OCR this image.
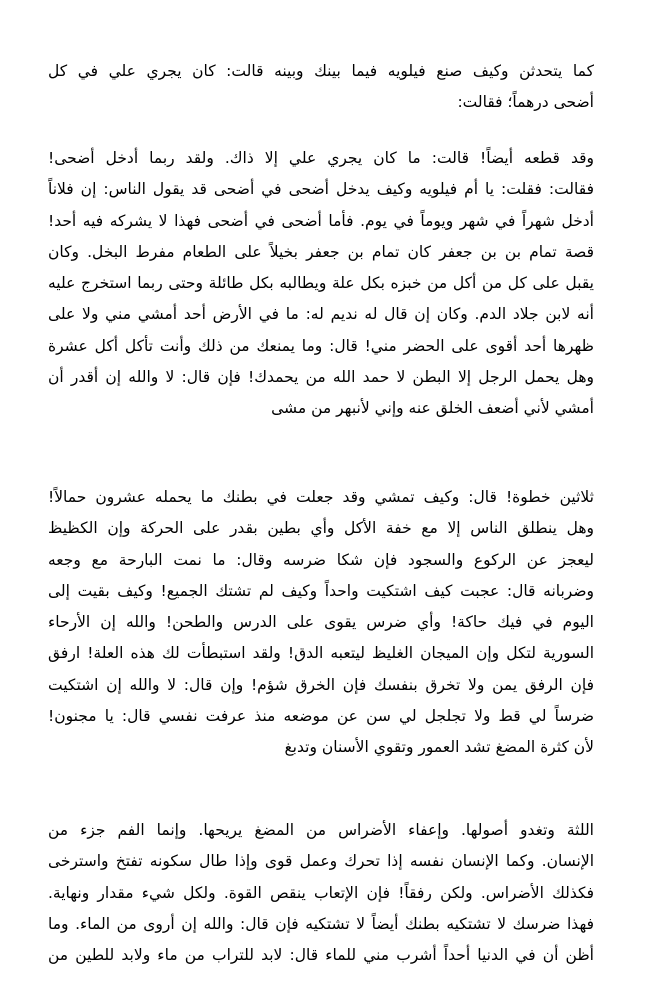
كما يتحدثن وكيف صنع فيلويه فيما بينك وبينه قالت: كان يجري علي في كل
أضحى درهماً؛ فقالت:
وقد قطعه أيضاً! قالت: ما كان يجري علي إلا ذاك. ولقد ربما أدخل أضحى!
فقالت: فقلت: يا أم فيلويه وكيف يدخل أضحى في أضحى قد يقول الناس: إن فلاناً
أدخل شهراً في شهر ويوماً في يوم. فأما أضحى في أضحى فهذا لا يشركه فيه أحد!
قصة تمام بن بن جعفر كان تمام بن جعفر بخيلاً على الطعام مفرط البخل. وكان
يقبل على كل من أكل من خبزه بكل علة ويطالبه بكل طائلة وحتى ربما استخرج عليه
أنه لابن جلاد الدم. وكان إن قال له نديم له: ما في الأرض أحد أمشي مني ولا على
ظهرها أحد أقوى على الحضر مني! قال: وما يمنعك من ذلك وأنت تأكل أكل عشرة
وهل يحمل الرجل إلا البطن لا حمد الله من يحمدك! فإن قال: لا والله إن أقدر أن
أمشي لأني أضعف الخلق عنه وإني لأنبهر من مشى
ثلاثين خطوة! قال: وكيف تمشي وقد جعلت في بطنك ما يحمله عشرون حمالاً!
وهل ينطلق الناس إلا مع خفة الأكل وأي بطين بقدر على الحركة وإن الكظيظ
ليعجز عن الركوع والسجود فإن شكا ضرسه وقال: ما نمت البارحة مع وجعه
وضربانه قال: عجبت كيف اشتكيت واحداً وكيف لم تشتك الجميع! وكيف بقيت إلى
اليوم في فيك حاكة! وأي ضرس يقوى على الدرس والطحن! والله إن الأرحاء
السورية لتكل وإن الميجان الغليظ ليتعبه الدق! ولقد استبطأت لك هذه العلة! ارفق
فإن الرفق يمن ولا تخرق بنفسك فإن الخرق شؤم! وإن قال: لا والله إن اشتكيت
ضرساً لي قط ولا تجلجل لي سن عن موضعه منذ عرفت نفسي قال: يا مجنون!
لأن كثرة المضغ تشد العمور وتقوي الأسنان وتدبغ
اللثة وتغدو أصولها. وإعفاء الأضراس من المضغ يريحها. وإنما الفم جزء من
الإنسان. وكما الإنسان نفسه إذا تحرك وعمل قوى وإذا طال سكونه تفتخ واسترخى
فكذلك الأضراس. ولكن رفقاً! فإن الإتعاب ينقص القوة. ولكل شيء مقدار ونهاية.
فهذا ضرسك لا تشتكيه بطنك أيضاً لا تشتكيه فإن قال: والله إن أروى من الماء. وما
أظن أن في الدنيا أحداً أشرب مني للماء قال: لابد للتراب من ماء ولابد للطين من
